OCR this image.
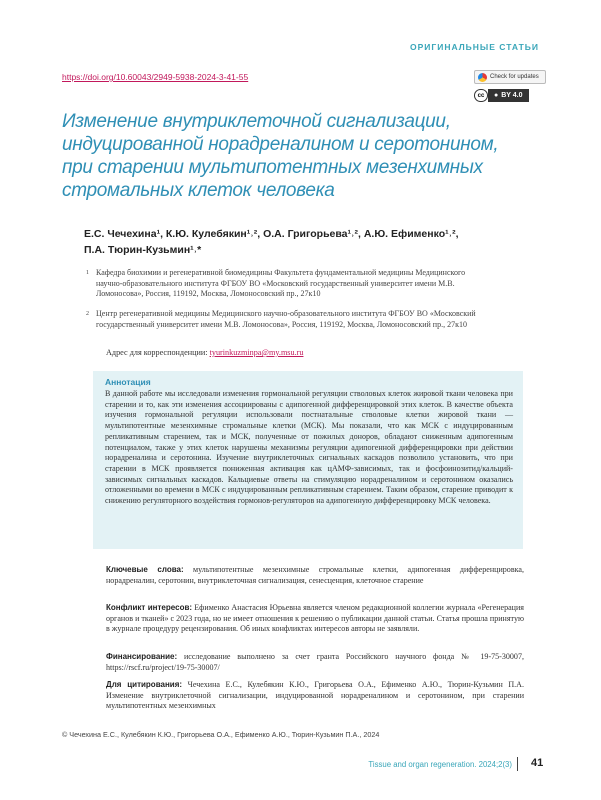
ОРИГИНАЛЬНЫЕ СТАТЬИ
https://doi.org/10.60043/2949-5938-2024-3-41-55	Check for updates
cc	● BY 4.0
Изменение внутриклеточной сигнализации, индуцированной норадреналином и серотонином, при старении мультипотентных мезенхимных стромальных клеток человека
Е.С. Чечехина¹, К.Ю. Кулебякин¹˒², О.А. Григорьева¹˒², А.Ю. Ефименко¹˒²,
П.А. Тюрин-Кузьмин¹˒*
1 Кафедра биохимии и регенеративной биомедицины Факультета фундаментальной медицины Медицинского научно-образовательного института ФГБОУ ВО «Московский государственный университет имени М.В. Ломоносова», Россия, 119192, Москва, Ломоносовский пр., 27к10
2 Центр регенеративной медицины Медицинского научно-образовательного института ФГБОУ ВО «Московский государственный университет имени М.В. Ломоносова», Россия, 119192, Москва, Ломоносовский пр., 27к10
Адрес для корреспонденции: tyurinkuzminpa@my.msu.ru
Аннотация

В данной работе мы исследовали изменения гормональной регуляции стволовых клеток жировой ткани человека при старении и то, как эти изменения ассоциированы с адипогенной дифференцировкой этих клеток. В качестве объекта изучения гормональной регуляции использовали постнатальные стволовые клетки жировой ткани — мультипотентные мезенхимные стромальные клетки (МСК). Мы показали, что как МСК с индуцированным репликативным старением, так и МСК, полученные от пожилых доноров, обладают сниженным адипогенным потенциалом, также у этих клеток нарушены механизмы регуляции адипогенной дифференцировки при действии норадреналина и серотонина. Изучение внутриклеточных сигнальных каскадов позволило установить, что при старении в МСК проявляется пониженная активация как цАМФ-зависимых, так и фосфоинозитид/кальций-зависимых сигнальных каскадов. Кальциевые ответы на стимуляцию норадреналином и серотонином оказались отложенными во времени в МСК с индуцированным репликативным старением. Таким образом, старение приводит к снижению регуляторного воздействия гормонов-регуляторов на адипогенную дифференцировку МСК человека.

Ключевые слова: мультипотентные мезенхимные стромальные клетки, адипогенная дифференцировка, норадреналин, серотонин, внутриклеточная сигнализация, сенесценция, клеточное старение

Конфликт интересов: Ефименко Анастасия Юрьевна является членом редакционной коллегии журнала «Регенерация органов и тканей» с 2023 года, но не имеет отношения к решению о публикации данной статьи. Статья прошла принятую в журнале процедуру рецензирования. Об иных конфликтах интересов авторы не заявляли.

Финансирование: исследование выполнено за счет гранта Российского научного фонда № 19-75-30007, https://rscf.ru/project/19-75-30007/

Для цитирования: Чечехина Е.С., Кулебякин К.Ю., Григорьева О.А., Ефименко А.Ю., Тюрин-Кузьмин П.А. Изменение внутриклеточной сигнализации, индуцированной норадреналином и серотонином, при старении мультипотентных мезенхимных

© Чечехина Е.С., Кулебякин К.Ю., Григорьева О.А., Ефименко А.Ю., Тюрин-Кузьмин П.А., 2024
Tissue and organ regeneration. 2024;2(3) 41
